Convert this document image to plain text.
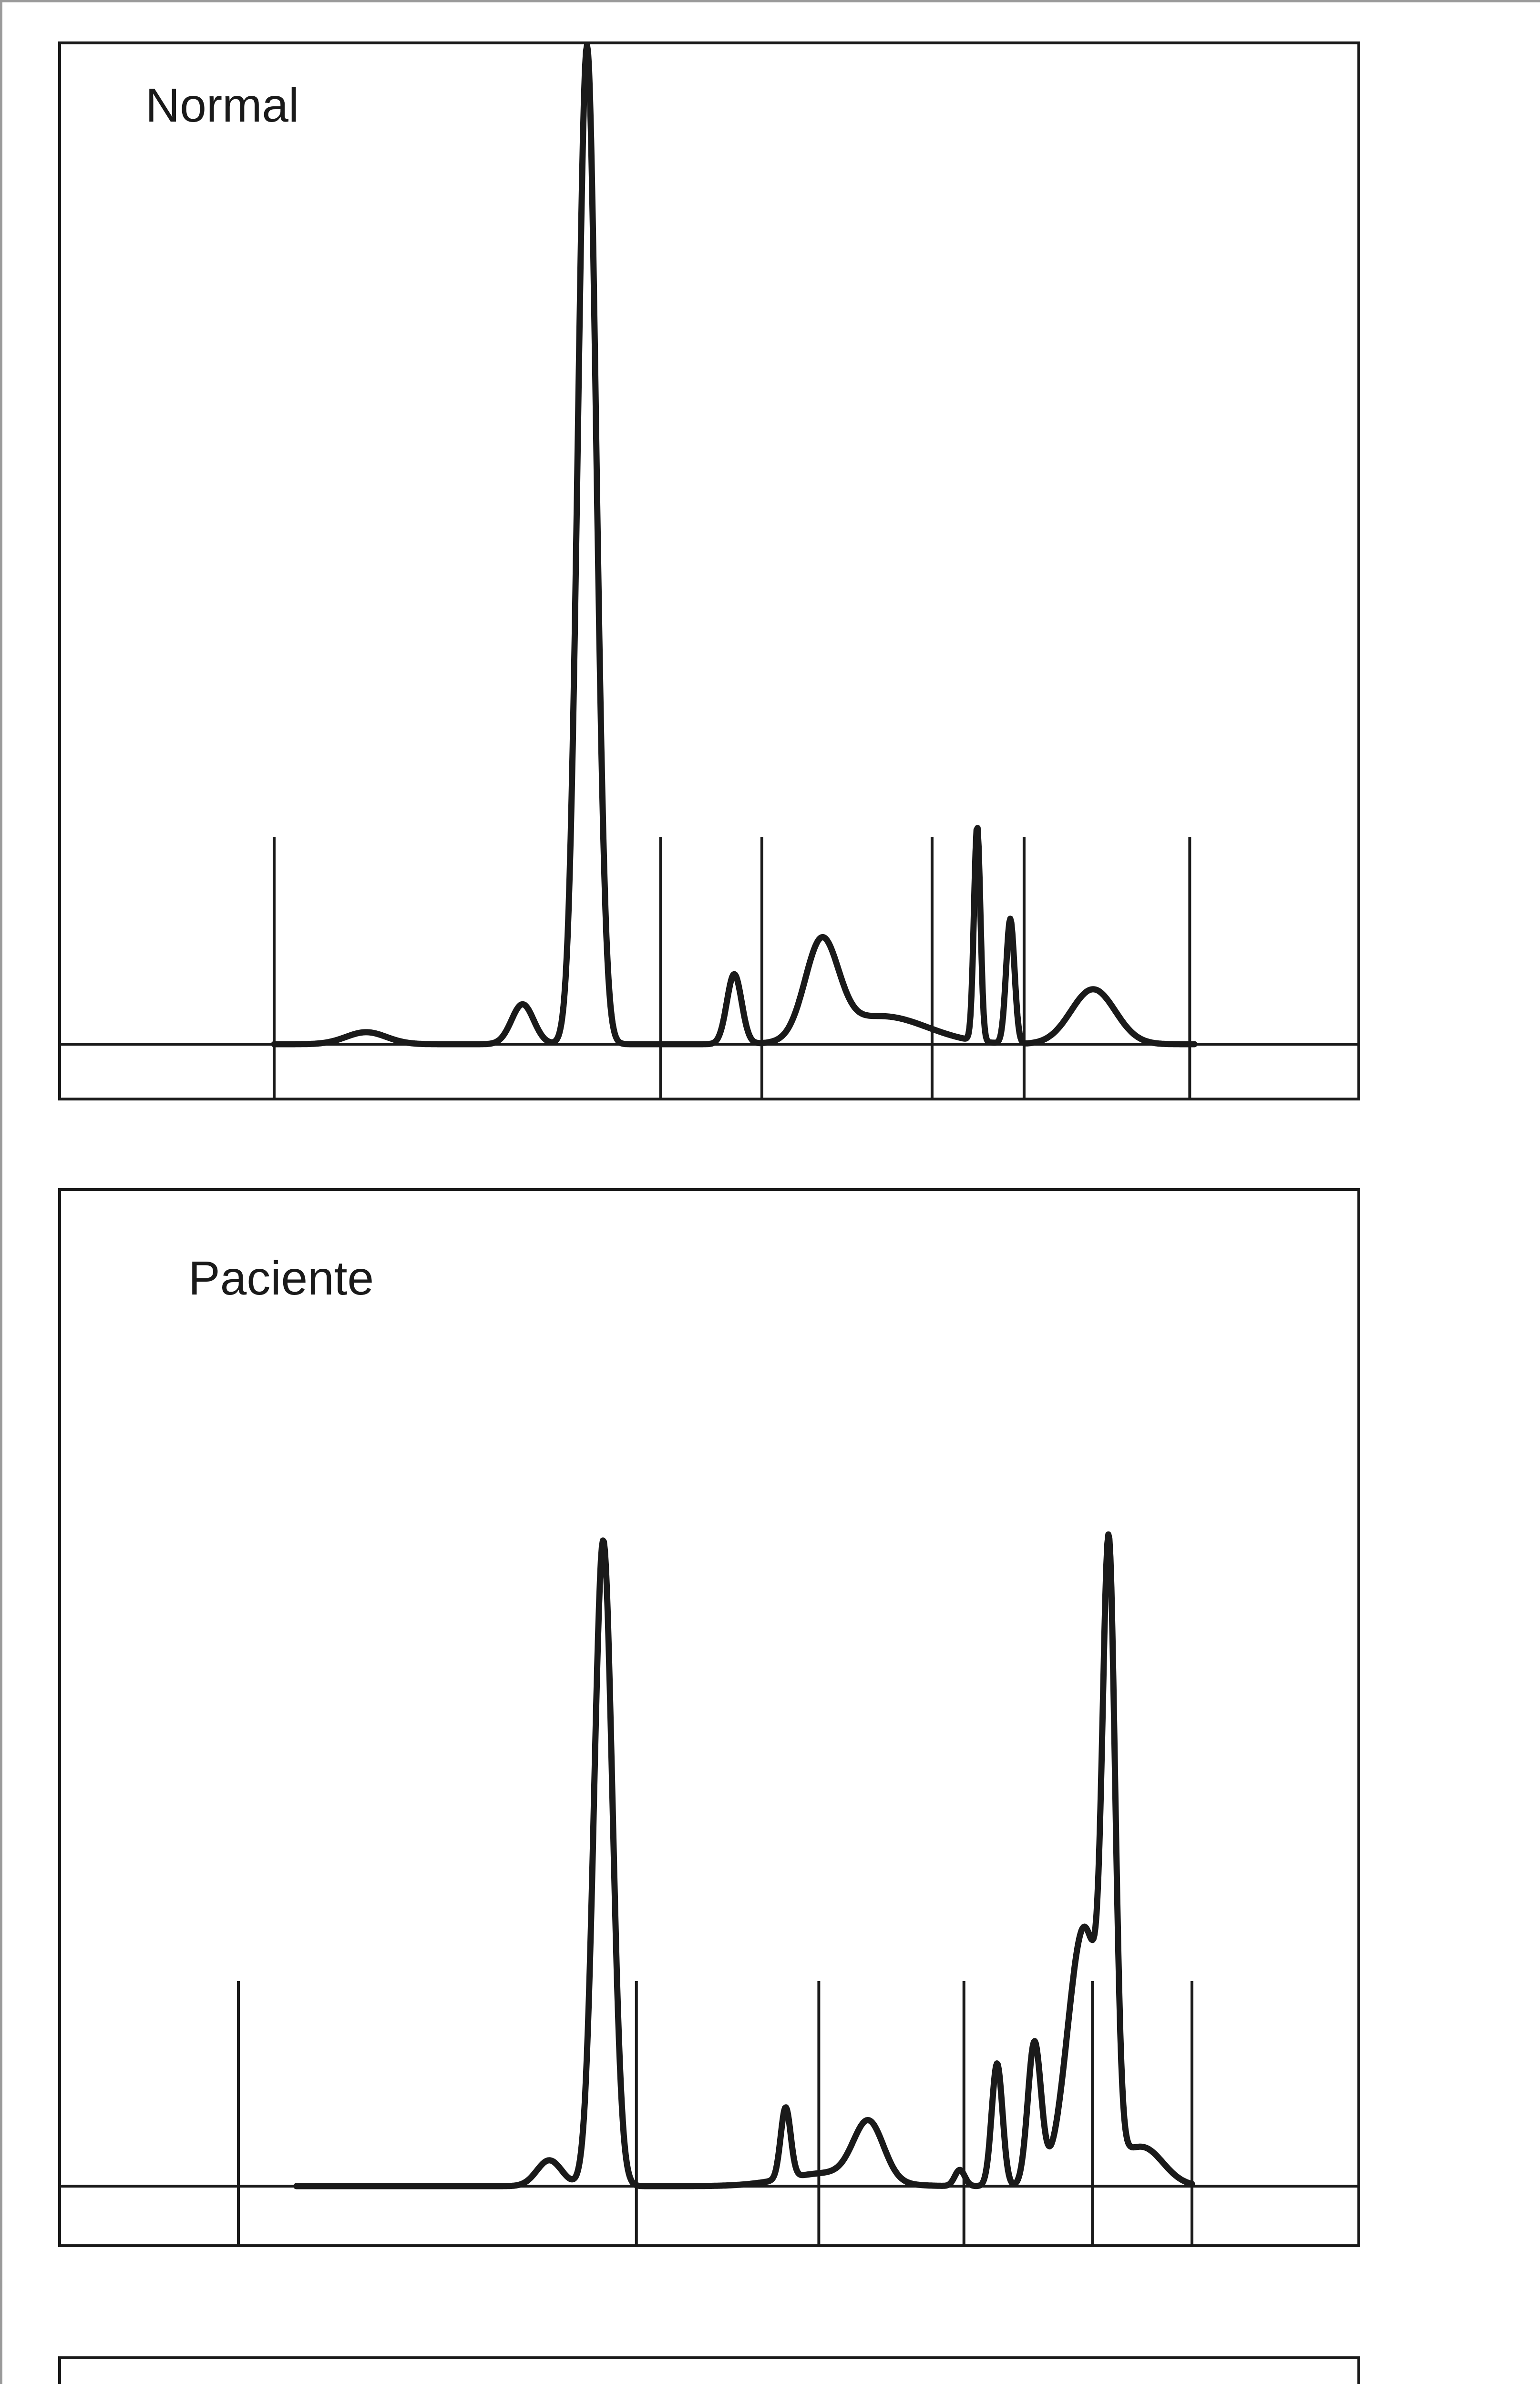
Normal
Paciente
